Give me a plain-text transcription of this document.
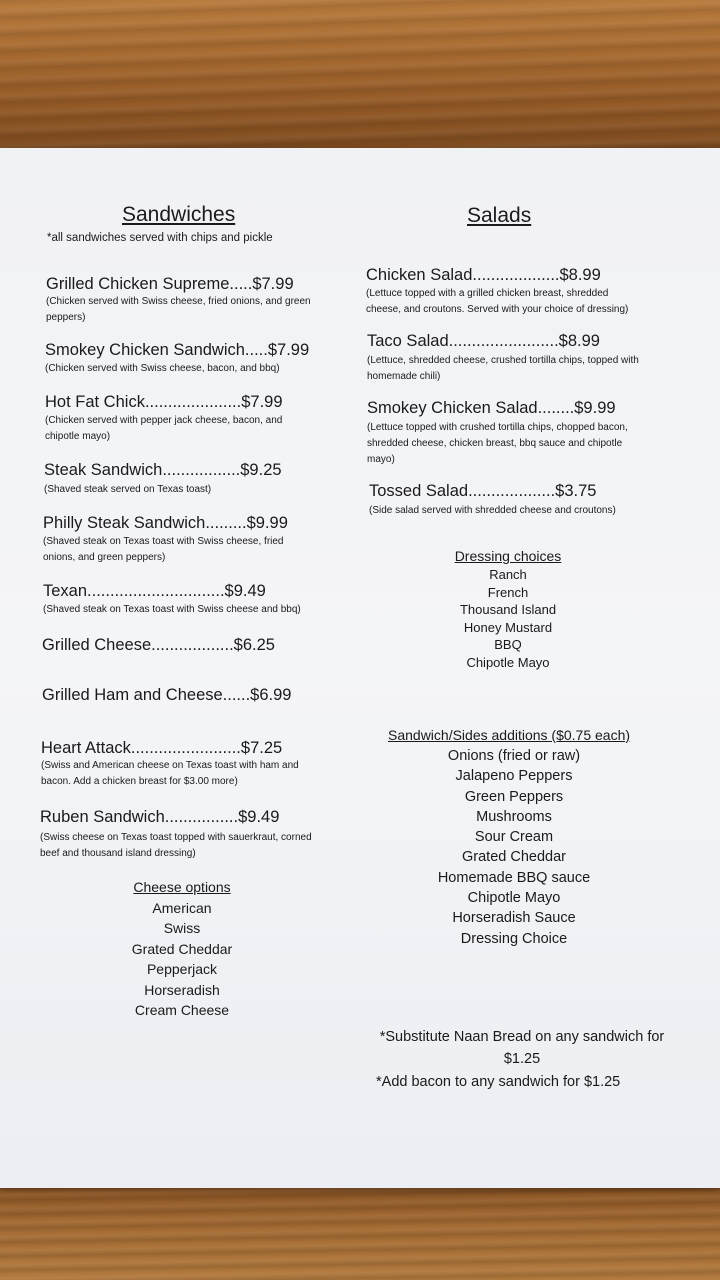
Sandwiches
*all sandwiches served with chips and pickle
Grilled Chicken Supreme.....$7.99
(Chicken served with Swiss cheese, fried onions, and green peppers)
Smokey Chicken Sandwich.....$7.99
(Chicken served with Swiss cheese, bacon, and bbq)
Hot Fat Chick.....................$7.99
(Chicken served with pepper jack cheese, bacon, and chipotle mayo)
Steak Sandwich.................$9.25
(Shaved steak served on Texas toast)
Philly Steak Sandwich.........$9.99
(Shaved steak on Texas toast with Swiss cheese, fried onions, and green peppers)
Texan..............................$9.49
(Shaved steak on Texas toast with Swiss cheese and bbq)
Grilled Cheese..................$6.25
Grilled Ham and Cheese......$6.99
Heart Attack........................$7.25
(Swiss and American cheese on Texas toast with ham and bacon. Add a chicken breast for $3.00 more)
Ruben Sandwich................$9.49
(Swiss cheese on Texas toast topped with sauerkraut, corned beef and thousand island dressing)
Cheese options
American
Swiss
Grated Cheddar
Pepperjack
Horseradish
Cream Cheese
Salads
Chicken Salad...................$8.99
(Lettuce topped with a grilled chicken breast, shredded cheese, and croutons. Served with your choice of dressing)
Taco Salad........................$8.99
(Lettuce, shredded cheese, crushed tortilla chips, topped with homemade chili)
Smokey Chicken Salad........$9.99
(Lettuce topped with crushed tortilla chips, chopped bacon, shredded cheese, chicken breast, bbq sauce and chipotle mayo)
Tossed Salad...................$3.75
(Side salad served with shredded cheese and croutons)
Dressing choices
Ranch
French
Thousand Island
Honey Mustard
BBQ
Chipotle Mayo
Sandwich/Sides additions ($0.75 each)
Onions (fried or raw)
Jalapeno Peppers
Green Peppers
Mushrooms
Sour Cream
Grated Cheddar
Homemade BBQ sauce
Chipotle Mayo
Horseradish Sauce
Dressing Choice
*Substitute Naan Bread on any sandwich for $1.25
*Add bacon to any sandwich for $1.25
